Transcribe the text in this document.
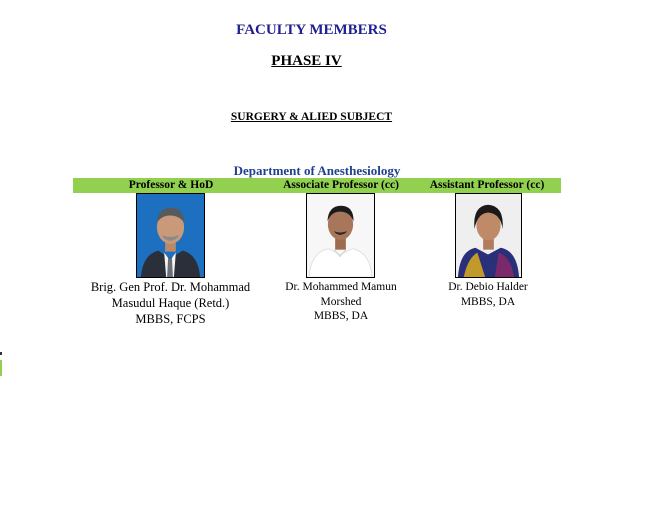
FACULTY MEMBERS
PHASE IV
SURGERY & ALIED SUBJECT
Department of Anesthesiology
Professor & HoD	Associate Professor (cc)	Assistant Professor (cc)
Brig. Gen Prof. Dr. Mohammad
Masudul Haque (Retd.)
MBBS, FCPS
Dr. Mohammed Mamun
Morshed
MBBS, DA
Dr. Debio Halder
MBBS, DA
